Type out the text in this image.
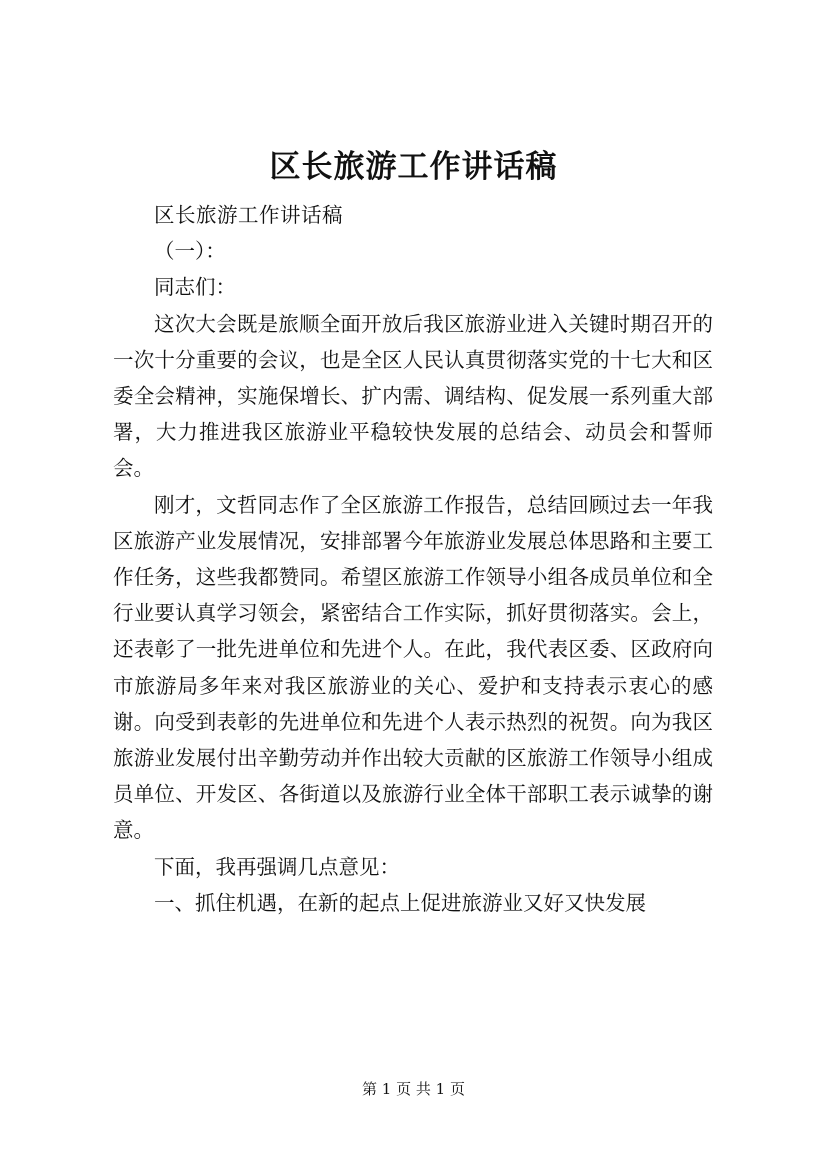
区长旅游工作讲话稿

区长旅游工作讲话稿

（一）：

同志们：

这次大会既是旅顺全面开放后我区旅游业进入关键时期召开的一次十分重要的会议，也是全区人民认真贯彻落实党的十七大和区委全会精神，实施保增长、扩内需、调结构、促发展一系列重大部署，大力推进我区旅游业平稳较快发展的总结会、动员会和誓师会。

刚才，文哲同志作了全区旅游工作报告，总结回顾过去一年我区旅游产业发展情况，安排部署今年旅游业发展总体思路和主要工作任务，这些我都赞同。希望区旅游工作领导小组各成员单位和全行业要认真学习领会，紧密结合工作实际，抓好贯彻落实。会上，还表彰了一批先进单位和先进个人。在此，我代表区委、区政府向市旅游局多年来对我区旅游业的关心、爱护和支持表示衷心的感谢。向受到表彰的先进单位和先进个人表示热烈的祝贺。向为我区旅游业发展付出辛勤劳动并作出较大贡献的区旅游工作领导小组成员单位、开发区、各街道以及旅游行业全体干部职工表示诚挚的谢意。

下面，我再强调几点意见：

一、抓住机遇，在新的起点上促进旅游业又好又快发展

第 1 页 共 1 页
